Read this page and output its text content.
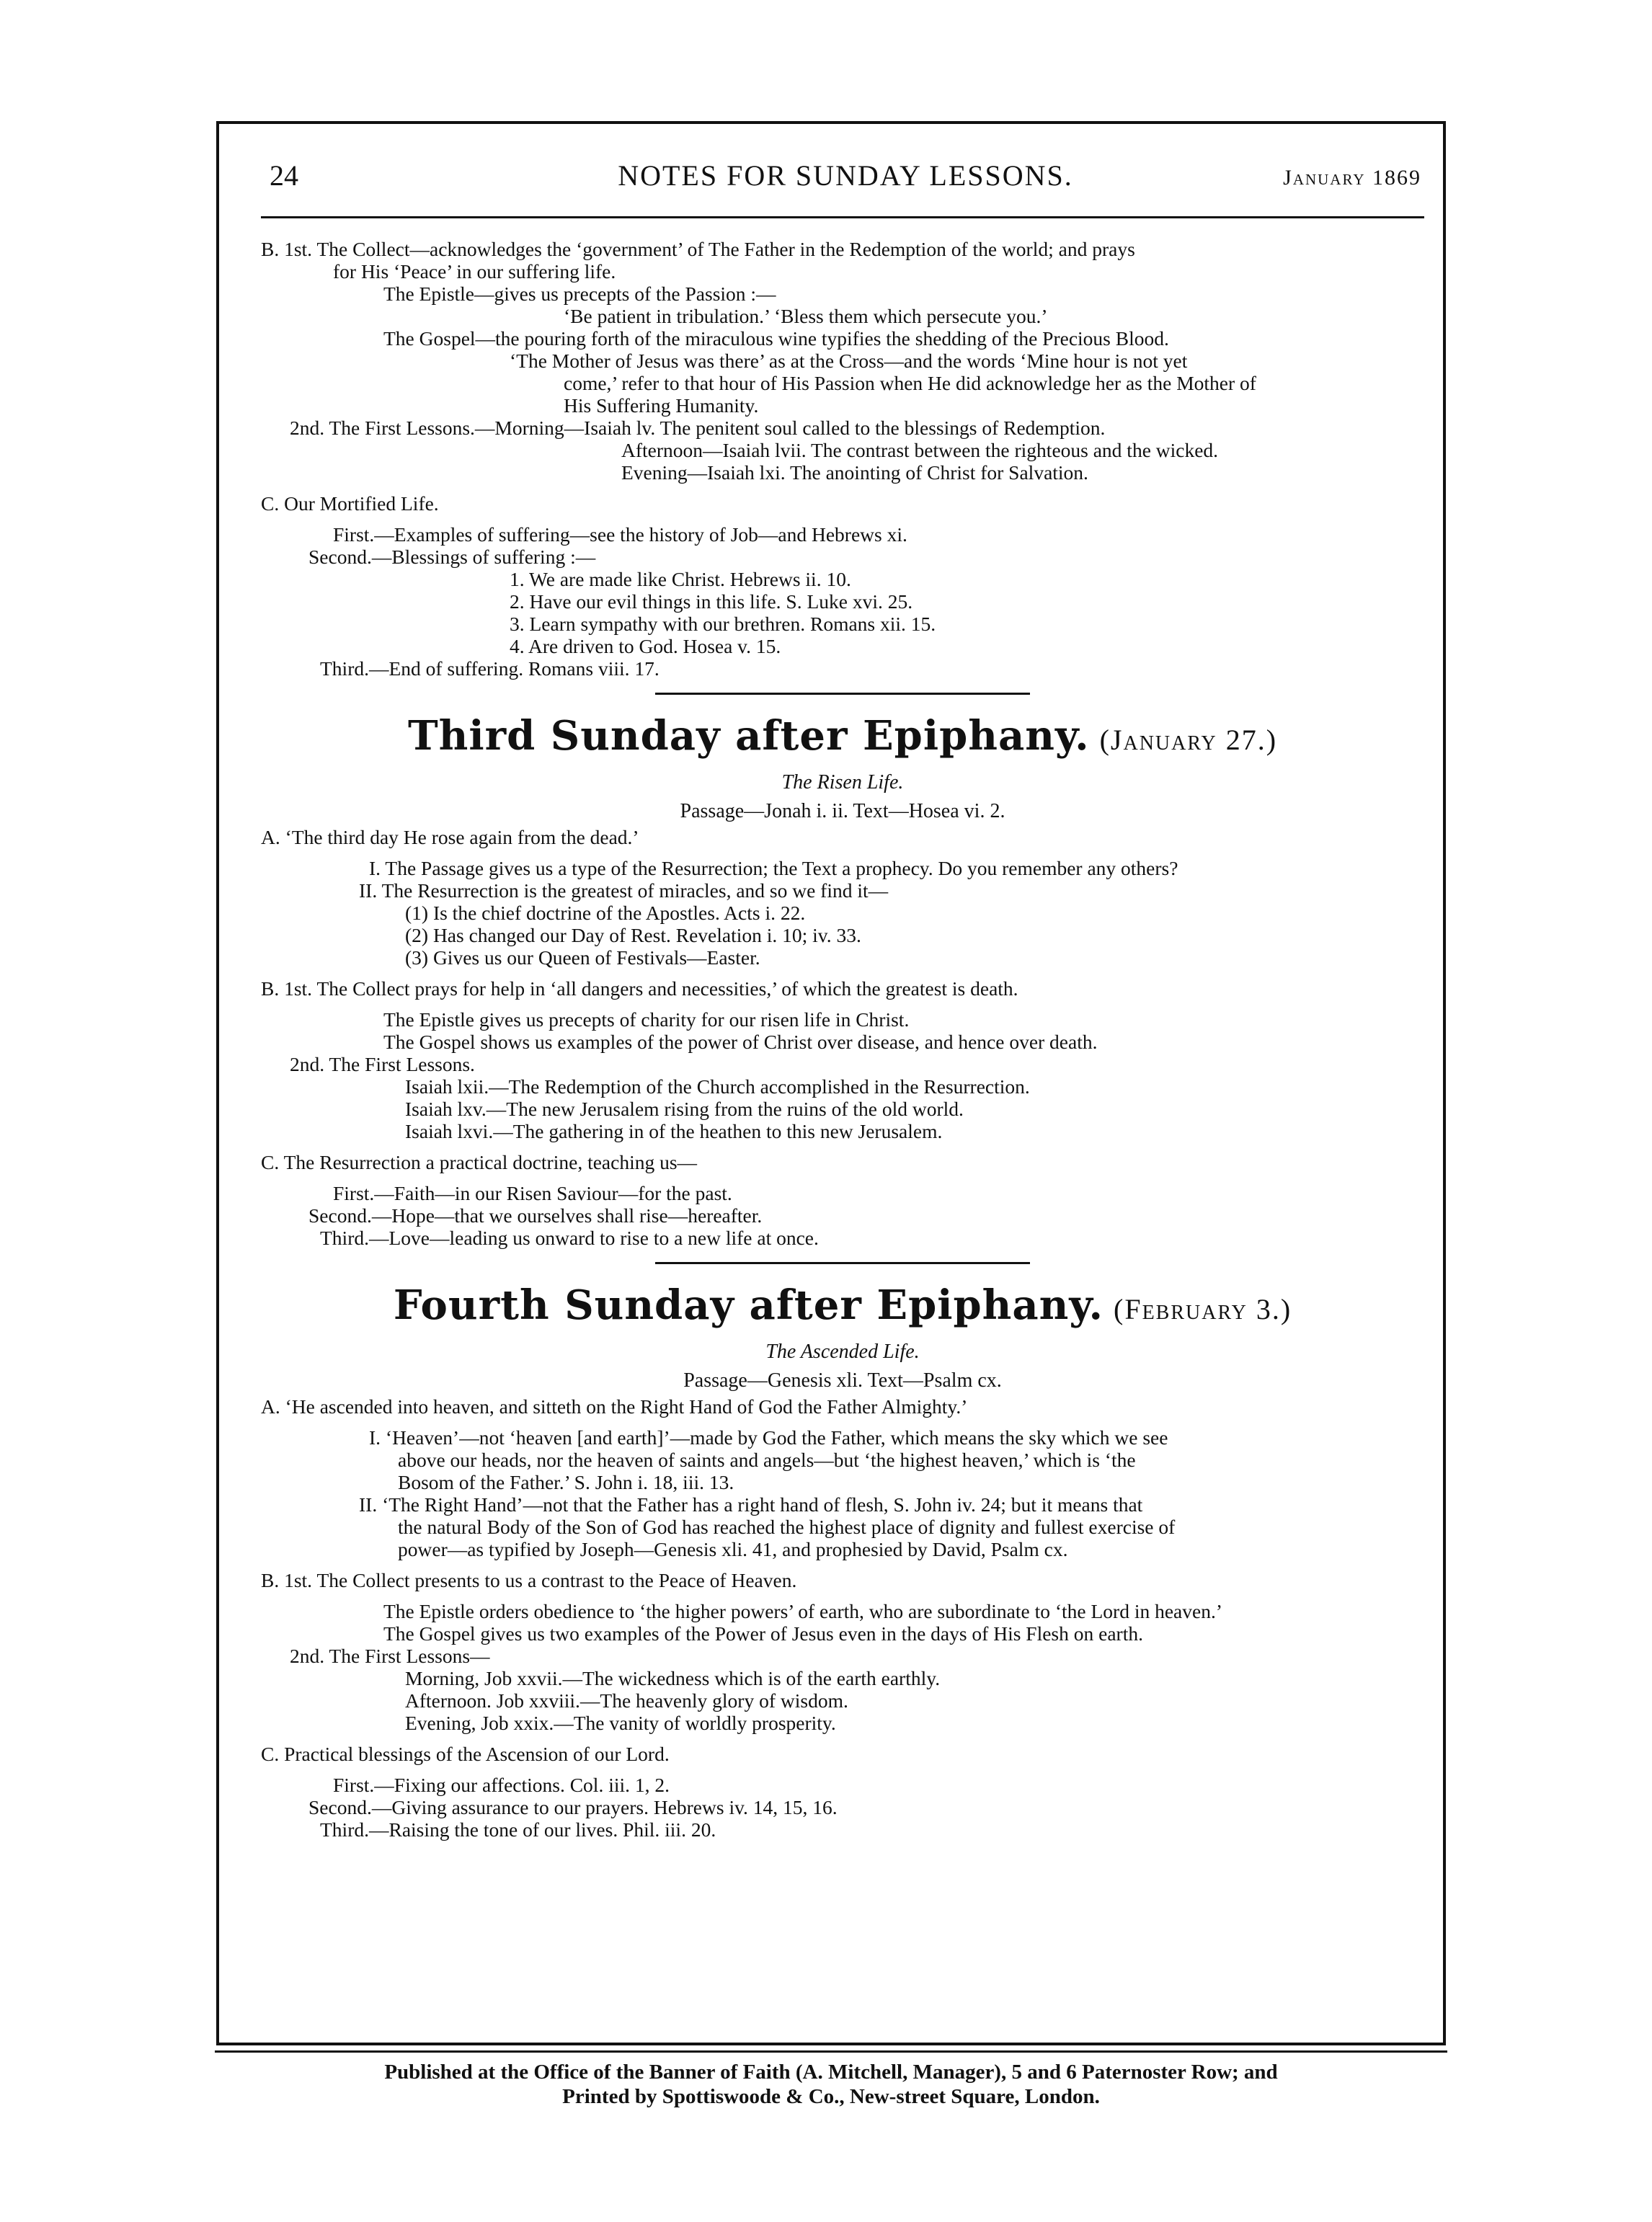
24	NOTES FOR SUNDAY LESSONS.	January 1869

B. 1st. The Collect—acknowledges the ‘government’ of The Father in the Redemption of the world; and prays

for His ‘Peace’ in our suffering life.

The Epistle—gives us precepts of the Passion :—

‘Be patient in tribulation.’ ‘Bless them which persecute you.’

The Gospel—the pouring forth of the miraculous wine typifies the shedding of the Precious Blood.

‘The Mother of Jesus was there’ as at the Cross—and the words ‘Mine hour is not yet

come,’ refer to that hour of His Passion when He did acknowledge her as the Mother of

His Suffering Humanity.

2nd. The First Lessons.—Morning—Isaiah lv. The penitent soul called to the blessings of Redemption.

Afternoon—Isaiah lvii. The contrast between the righteous and the wicked.

Evening—Isaiah lxi. The anointing of Christ for Salvation.

C. Our Mortified Life.

First.—Examples of suffering—see the history of Job—and Hebrews xi.

Second.—Blessings of suffering :—

1. We are made like Christ. Hebrews ii. 10.

2. Have our evil things in this life. S. Luke xvi. 25.

3. Learn sympathy with our brethren. Romans xii. 15.

4. Are driven to God. Hosea v. 15.

Third.—End of suffering. Romans viii. 17.

Third Sunday after Epiphany. (January 27.)
The Risen Life.
Passage—Jonah i. ii. Text—Hosea vi. 2.

A. ‘The third day He rose again from the dead.’

I. The Passage gives us a type of the Resurrection; the Text a prophecy. Do you remember any others?

II. The Resurrection is the greatest of miracles, and so we find it—

(1) Is the chief doctrine of the Apostles. Acts i. 22.

(2) Has changed our Day of Rest. Revelation i. 10; iv. 33.

(3) Gives us our Queen of Festivals—Easter.

B. 1st. The Collect prays for help in ‘all dangers and necessities,’ of which the greatest is death.

The Epistle gives us precepts of charity for our risen life in Christ.

The Gospel shows us examples of the power of Christ over disease, and hence over death.

2nd. The First Lessons.

Isaiah lxii.—The Redemption of the Church accomplished in the Resurrection.

Isaiah lxv.—The new Jerusalem rising from the ruins of the old world.

Isaiah lxvi.—The gathering in of the heathen to this new Jerusalem.

C. The Resurrection a practical doctrine, teaching us—

First.—Faith—in our Risen Saviour—for the past.

Second.—Hope—that we ourselves shall rise—hereafter.

Third.—Love—leading us onward to rise to a new life at once.

Fourth Sunday after Epiphany. (February 3.)
The Ascended Life.
Passage—Genesis xli. Text—Psalm cx.

A. ‘He ascended into heaven, and sitteth on the Right Hand of God the Father Almighty.’

I. ‘Heaven’—not ‘heaven [and earth]’—made by God the Father, which means the sky which we see

above our heads, nor the heaven of saints and angels—but ‘the highest heaven,’ which is ‘the

Bosom of the Father.’ S. John i. 18, iii. 13.

II. ‘The Right Hand’—not that the Father has a right hand of flesh, S. John iv. 24; but it means that

the natural Body of the Son of God has reached the highest place of dignity and fullest exercise of

power—as typified by Joseph—Genesis xli. 41, and prophesied by David, Psalm cx.

B. 1st. The Collect presents to us a contrast to the Peace of Heaven.

The Epistle orders obedience to ‘the higher powers’ of earth, who are subordinate to ‘the Lord in heaven.’

The Gospel gives us two examples of the Power of Jesus even in the days of His Flesh on earth.

2nd. The First Lessons—

Morning, Job xxvii.—The wickedness which is of the earth earthly.

Afternoon. Job xxviii.—The heavenly glory of wisdom.

Evening, Job xxix.—The vanity of worldly prosperity.

C. Practical blessings of the Ascension of our Lord.

First.—Fixing our affections. Col. iii. 1, 2.

Second.—Giving assurance to our prayers. Hebrews iv. 14, 15, 16.

Third.—Raising the tone of our lives. Phil. iii. 20.

Published at the Office of the Banner of Faith (A. Mitchell, Manager), 5 and 6 Paternoster Row; and
Printed by Spottiswoode & Co., New-street Square, London.
